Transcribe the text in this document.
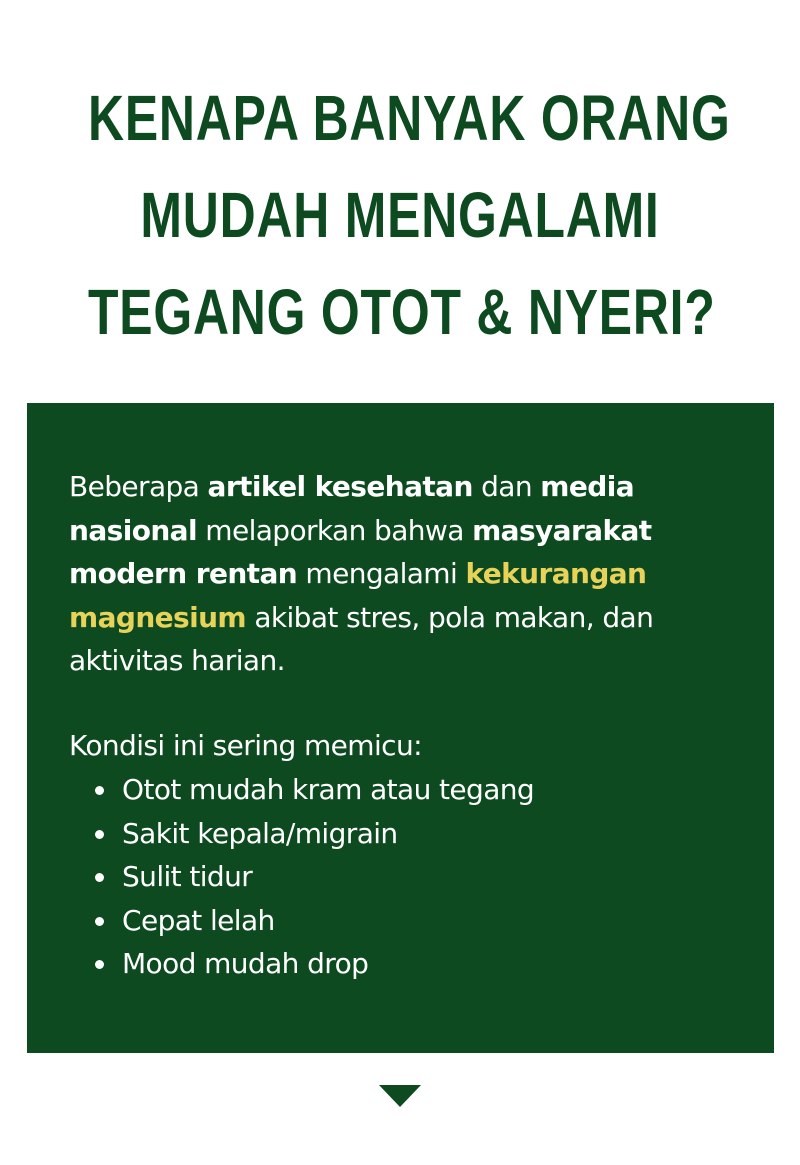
KENAPA BANYAK ORANG
MUDAH MENGALAMI
TEGANG OTOT & NYERI?

Beberapa artikel kesehatan dan media nasional melaporkan bahwa masyarakat modern rentan mengalami kekurangan magnesium akibat stres, pola makan, dan aktivitas harian.

Kondisi ini sering memicu:

Otot mudah kram atau tegang
Sakit kepala/migrain
Sulit tidur
Cepat lelah
Mood mudah drop
